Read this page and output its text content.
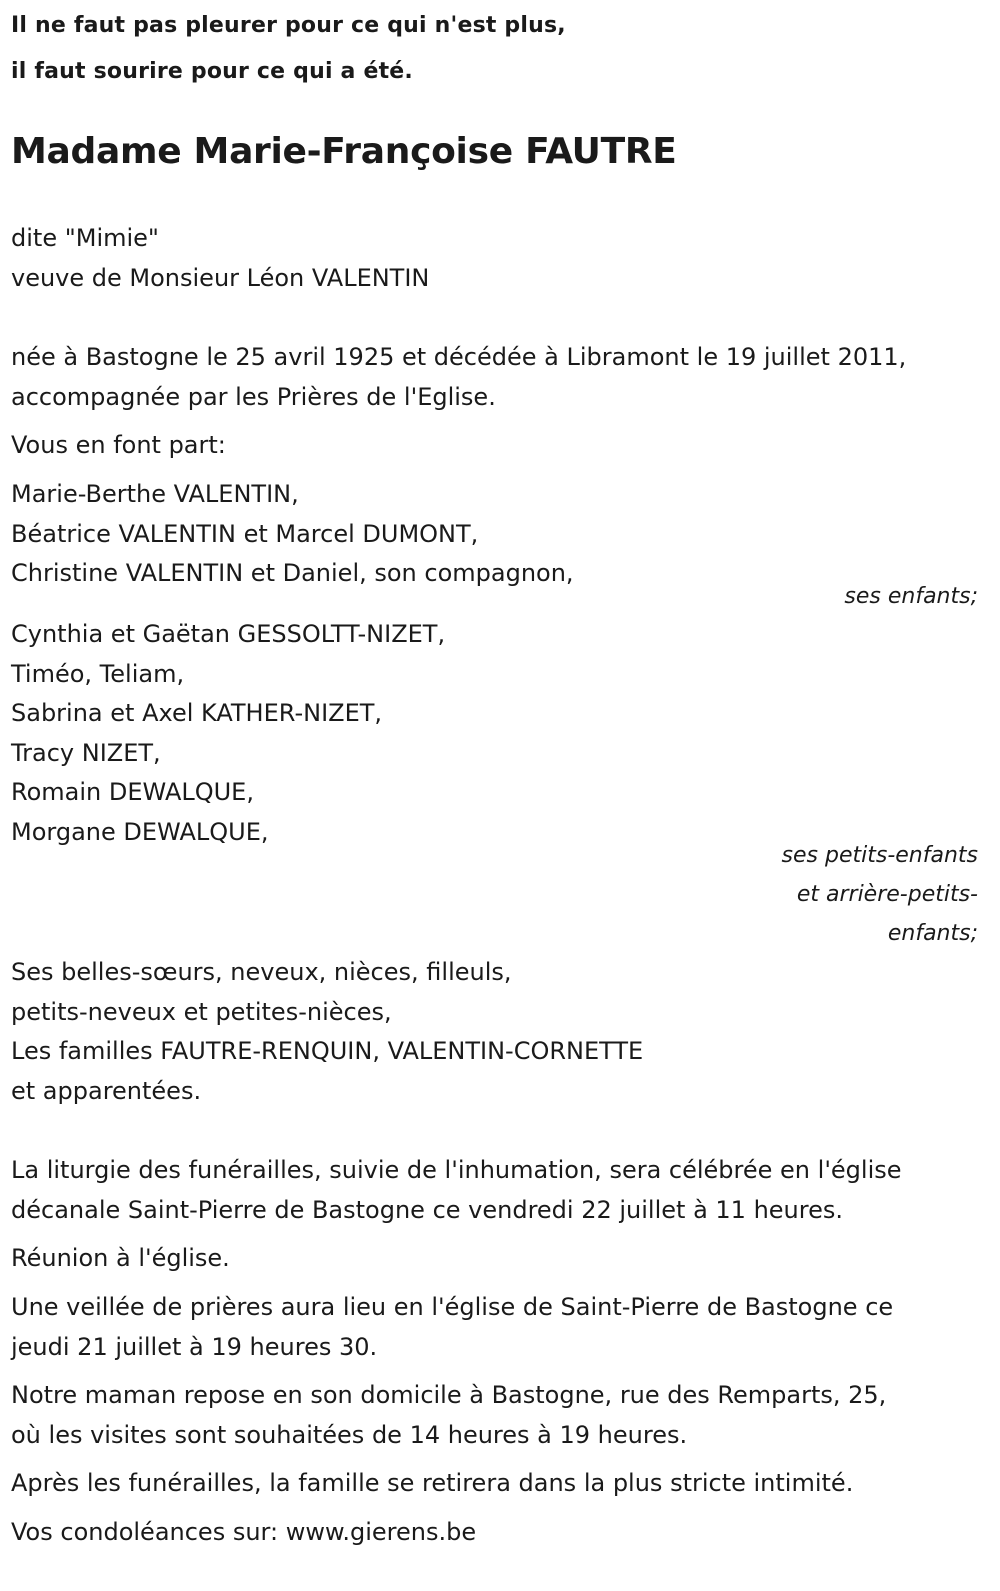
Il ne faut pas pleurer pour ce qui n'est plus,
il faut sourire pour ce qui a été.
Madame Marie-Françoise FAUTRE
dite "Mimie"
veuve de Monsieur Léon VALENTIN
née à Bastogne le 25 avril 1925 et décédée à Libramont le 19 juillet 2011,
accompagnée par les Prières de l'Eglise.

Vous en font part:

Marie-Berthe VALENTIN,
Béatrice VALENTIN et Marcel DUMONT,
Christine VALENTIN et Daniel, son compagnon,

ses enfants;

Cynthia et Gaëtan GESSOLTT-NIZET,
Timéo, Teliam,
Sabrina et Axel KATHER-NIZET,
Tracy NIZET,
Romain DEWALQUE,
Morgane DEWALQUE,
ses petits-enfants
et arrière-petits-
enfants;
Ses belles-sœurs, neveux, nièces, filleuls,
petits-neveux et petites-nièces,
Les familles FAUTRE-RENQUIN, VALENTIN-CORNETTE
et apparentées.
La liturgie des funérailles, suivie de l'inhumation, sera célébrée en l'église
décanale Saint-Pierre de Bastogne ce vendredi 22 juillet à 11 heures.

Réunion à l'église.

Une veillée de prières aura lieu en l'église de Saint-Pierre de Bastogne ce
jeudi 21 juillet à 19 heures 30.
Notre maman repose en son domicile à Bastogne, rue des Remparts, 25,
où les visites sont souhaitées de 14 heures à 19 heures.

Après les funérailles, la famille se retirera dans la plus stricte intimité.

Vos condoléances sur: www.gierens.be
